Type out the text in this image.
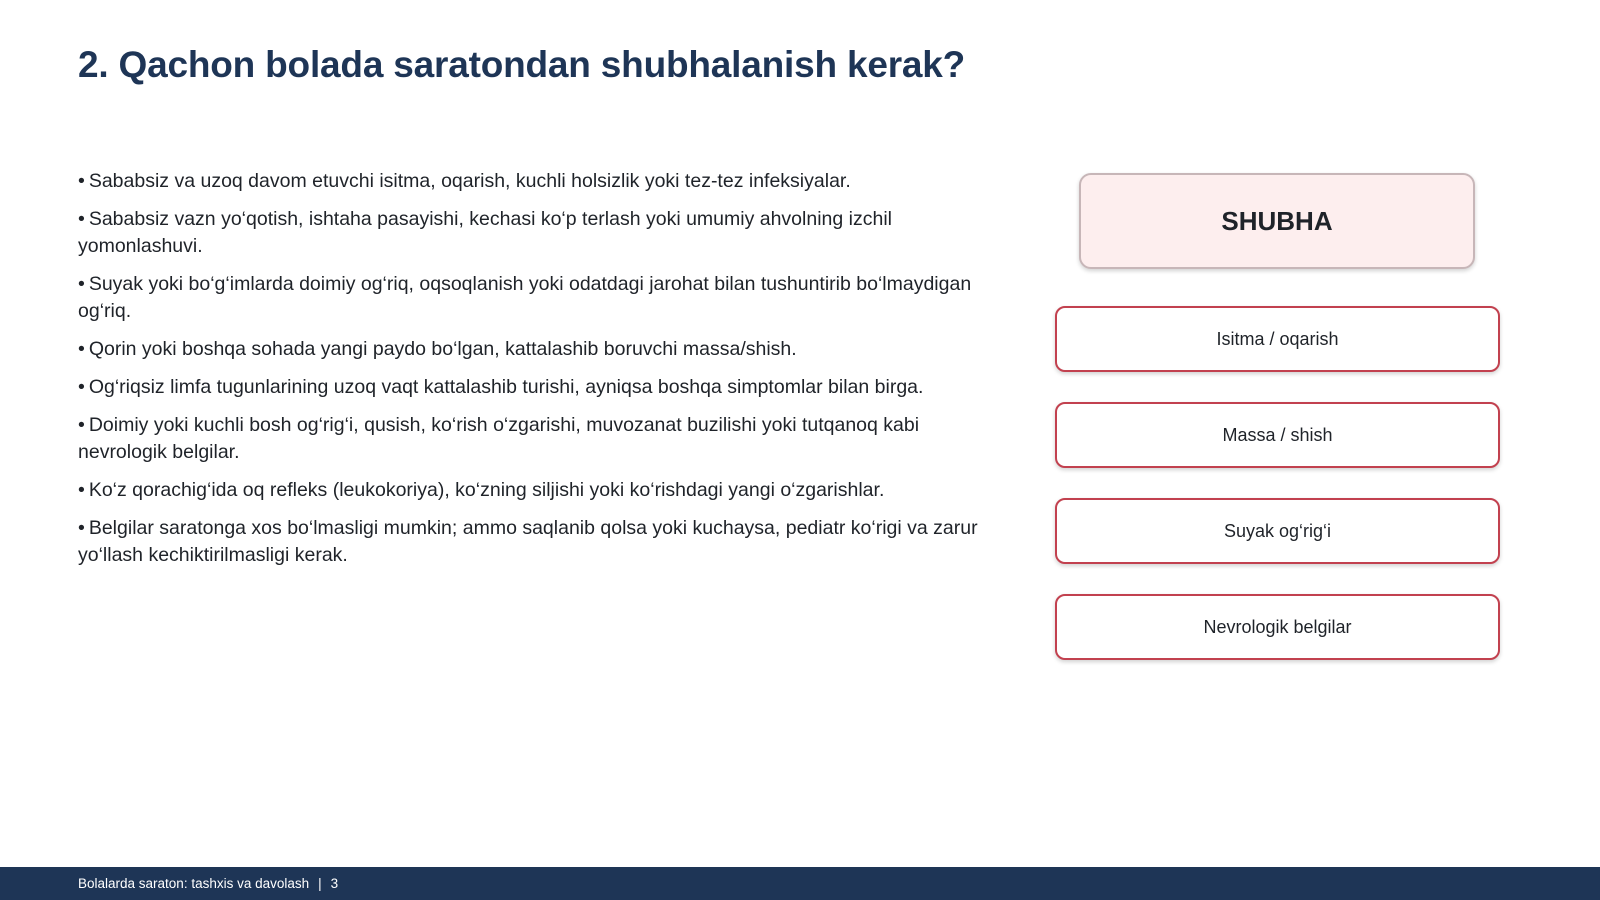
2. Qachon bolada saratondan shubhalanish kerak?
• Sababsiz va uzoq davom etuvchi isitma, oqarish, kuchli holsizlik yoki tez-tez infeksiyalar.
• Sababsiz vazn yo‘qotish, ishtaha pasayishi, kechasi ko‘p terlash yoki umumiy ahvolning izchil yomonlashuvi.
• Suyak yoki bo‘g‘imlarda doimiy og‘riq, oqsoqlanish yoki odatdagi jarohat bilan tushuntirib bo‘lmaydigan og‘riq.
• Qorin yoki boshqa sohada yangi paydo bo‘lgan, kattalashib boruvchi massa/shish.
• Og‘riqsiz limfa tugunlarining uzoq vaqt kattalashib turishi, ayniqsa boshqa simptomlar bilan birga.
• Doimiy yoki kuchli bosh og‘rig‘i, qusish, ko‘rish o‘zgarishi, muvozanat buzilishi yoki tutqanoq kabi nevrologik belgilar.
• Ko‘z qorachig‘ida oq refleks (leukokoriya), ko‘zning siljishi yoki ko‘rishdagi yangi o‘zgarishlar.
• Belgilar saratonga xos bo‘lmasligi mumkin; ammo saqlanib qolsa yoki kuchaysa, pediatr ko‘rigi va zarur yo‘llash kechiktirilmasligi kerak.
SHUBHA
Isitma / oqarish
Massa / shish
Suyak og‘rig‘i
Nevrologik belgilar
Bolalarda saraton: tashxis va davolash | 3
